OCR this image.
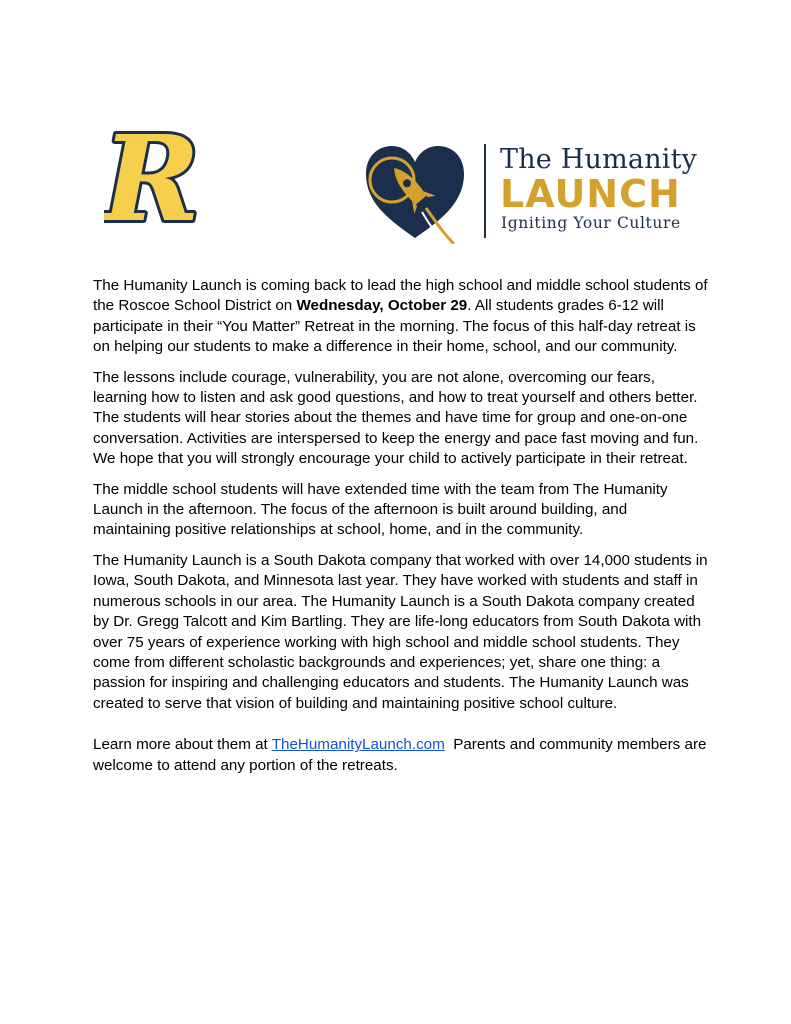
R	The Humanity
LAUNCH
Igniting Your Culture

The Humanity Launch is coming back to lead the high school and middle school students of the Roscoe School District on Wednesday, October 29. All students grades 6-12 will participate in their “You Matter” Retreat in the morning. The focus of this half-day retreat is on helping our students to make a difference in their home, school, and our community.

The lessons include courage, vulnerability, you are not alone, overcoming our fears, learning how to listen and ask good questions, and how to treat yourself and others better. The students will hear stories about the themes and have time for group and one-on-one conversation. Activities are interspersed to keep the energy and pace fast moving and fun. We hope that you will strongly encourage your child to actively participate in their retreat.

The middle school students will have extended time with the team from The Humanity Launch in the afternoon. The focus of the afternoon is built around building, and maintaining positive relationships at school, home, and in the community.

The Humanity Launch is a South Dakota company that worked with over 14,000 students in Iowa, South Dakota, and Minnesota last year. They have worked with students and staff in numerous schools in our area. The Humanity Launch is a South Dakota company created by Dr. Gregg Talcott and Kim Bartling. They are life-long educators from South Dakota with over 75 years of experience working with high school and middle school students. They come from different scholastic backgrounds and experiences; yet, share one thing: a passion for inspiring and challenging educators and students. The Humanity Launch was created to serve that vision of building and maintaining positive school culture.

Learn more about them at TheHumanityLaunch.com  Parents and community members are welcome to attend any portion of the retreats.
